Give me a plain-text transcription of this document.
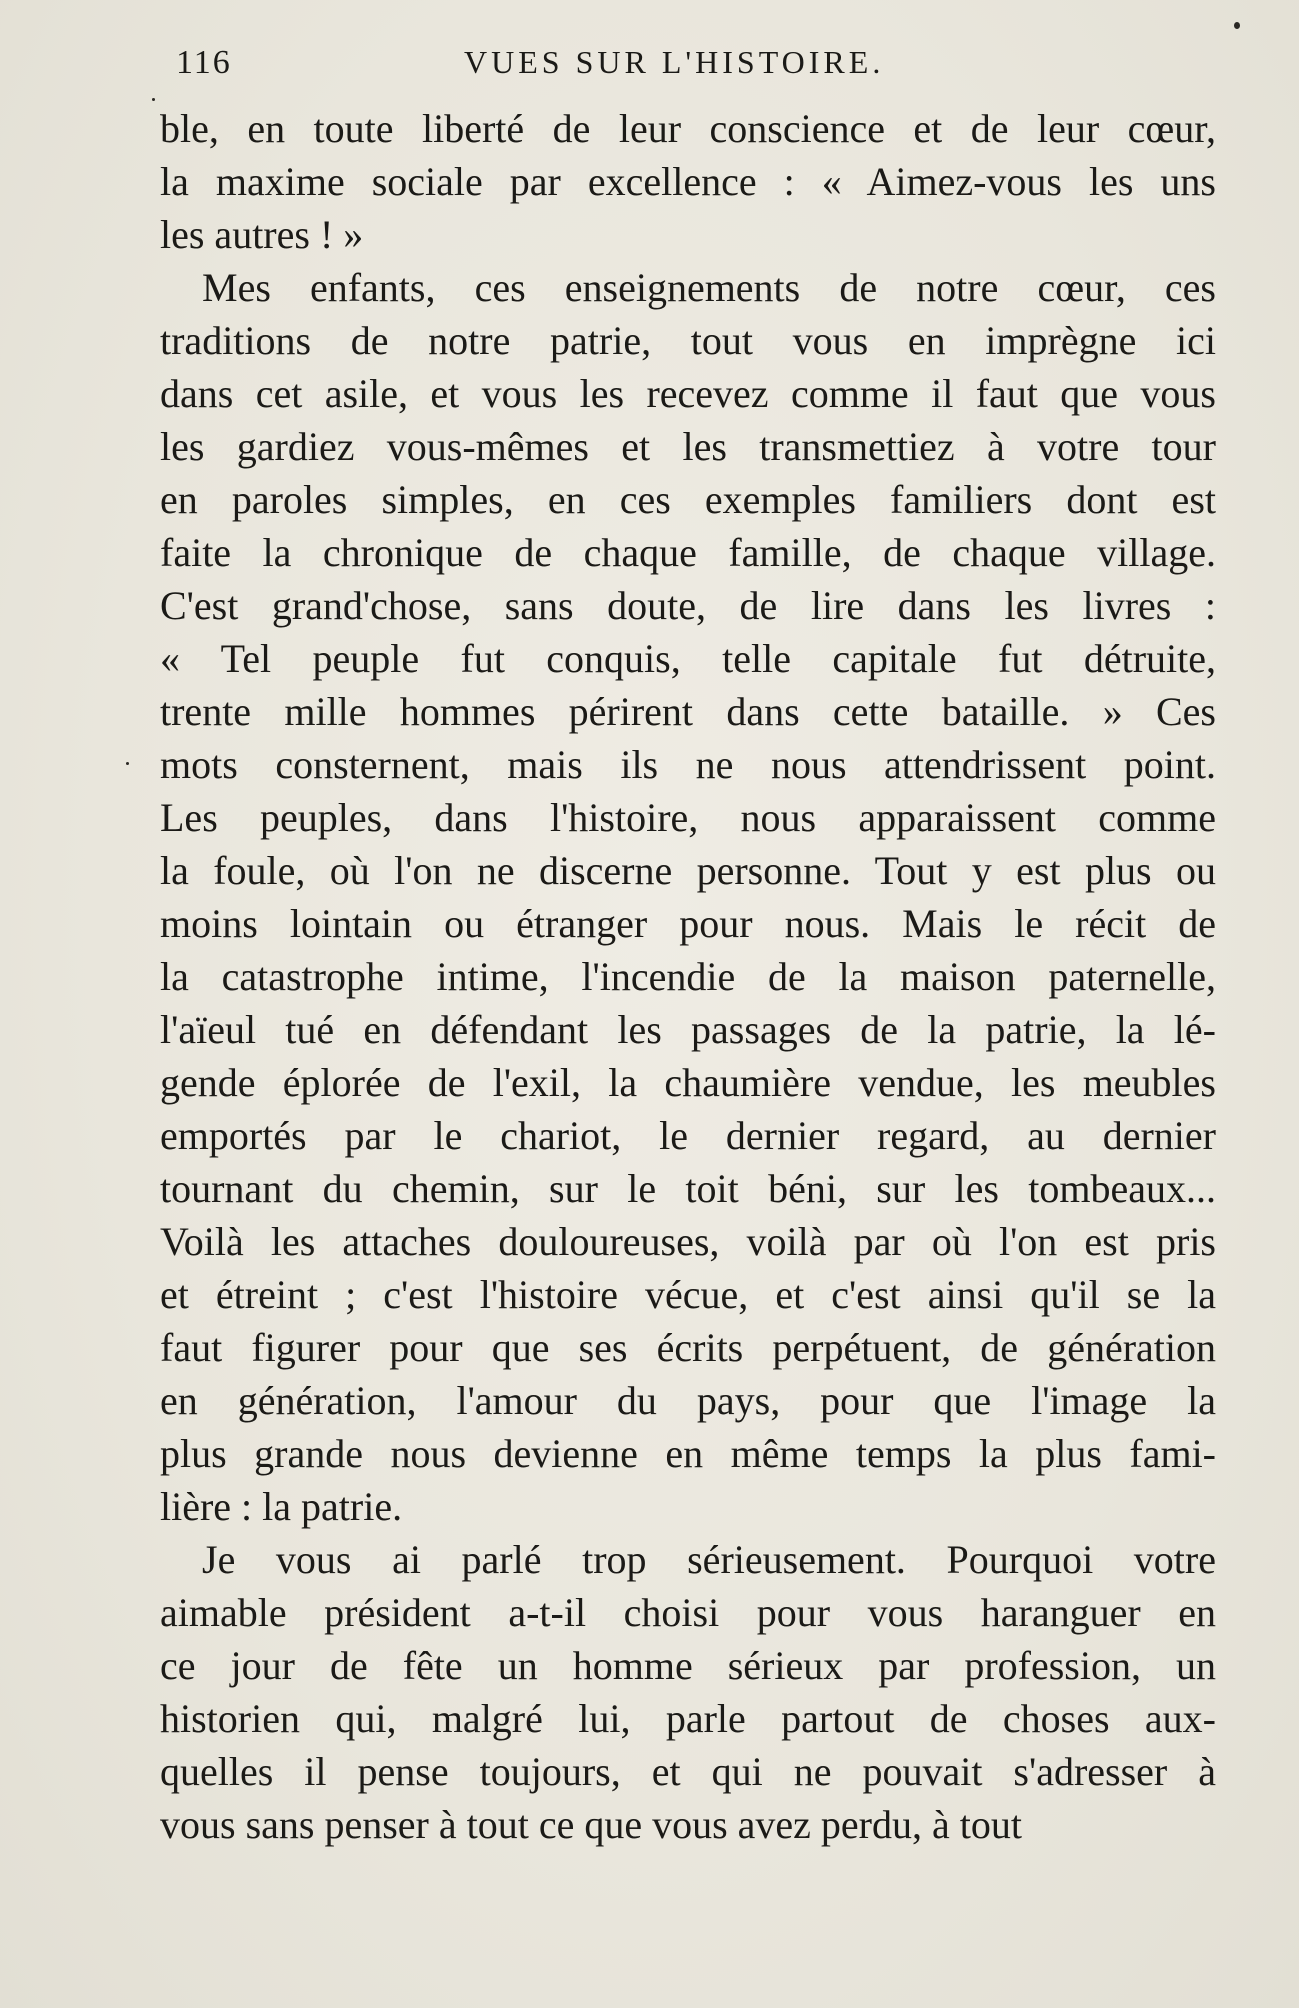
116	VUES SUR L'HISTOIRE.
ble, en toute liberté de leur conscience et de leur cœur,
la maxime sociale par excellence : « Aimez-vous les uns
les autres ! »
Mes enfants, ces enseignements de notre cœur, ces
traditions de notre patrie, tout vous en imprègne ici
dans cet asile, et vous les recevez comme il faut que vous
les gardiez vous-mêmes et les transmettiez à votre tour
en paroles simples, en ces exemples familiers dont est
faite la chronique de chaque famille, de chaque village.
C'est grand'chose, sans doute, de lire dans les livres :
« Tel peuple fut conquis, telle capitale fut détruite,
trente mille hommes périrent dans cette bataille. » Ces
mots consternent, mais ils ne nous attendrissent point.
Les peuples, dans l'histoire, nous apparaissent comme
la foule, où l'on ne discerne personne. Tout y est plus ou
moins lointain ou étranger pour nous. Mais le récit de
la catastrophe intime, l'incendie de la maison paternelle,
l'aïeul tué en défendant les passages de la patrie, la lé-
gende éplorée de l'exil, la chaumière vendue, les meubles
emportés par le chariot, le dernier regard, au dernier
tournant du chemin, sur le toit béni, sur les tombeaux...
Voilà les attaches douloureuses, voilà par où l'on est pris
et étreint ; c'est l'histoire vécue, et c'est ainsi qu'il se la
faut figurer pour que ses écrits perpétuent, de génération
en génération, l'amour du pays, pour que l'image la
plus grande nous devienne en même temps la plus fami-
lière : la patrie.
Je vous ai parlé trop sérieusement. Pourquoi votre
aimable président a-t-il choisi pour vous haranguer en
ce jour de fête un homme sérieux par profession, un
historien qui, malgré lui, parle partout de choses aux-
quelles il pense toujours, et qui ne pouvait s'adresser à
vous sans penser à tout ce que vous avez perdu, à tout
